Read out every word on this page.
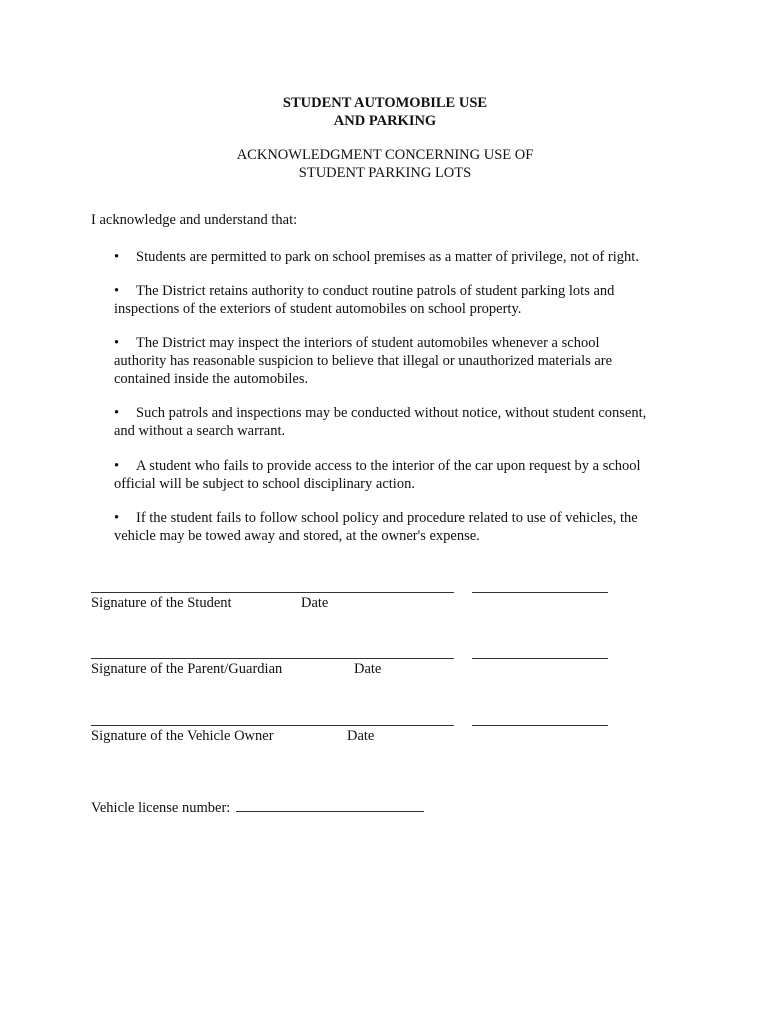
STUDENT AUTOMOBILE USE
AND PARKING
ACKNOWLEDGMENT CONCERNING USE OF
STUDENT PARKING LOTS
I acknowledge and understand that:
• Students are permitted to park on school premises as a matter of privilege, not of right.
• The District retains authority to conduct routine patrols of student parking lots and
inspections of the exteriors of student automobiles on school property.
• The District may inspect the interiors of student automobiles whenever a school
authority has reasonable suspicion to believe that illegal or unauthorized materials are
contained inside the automobiles.
• Such patrols and inspections may be conducted without notice, without student consent,
and without a search warrant.
• A student who fails to provide access to the interior of the car upon request by a school
official will be subject to school disciplinary action.
• If the student fails to follow school policy and procedure related to use of vehicles, the
vehicle may be towed away and stored, at the owner's expense.
Signature of the Student	Date
Signature of the Parent/Guardian	Date
Signature of the Vehicle Owner	Date
Vehicle license number:
